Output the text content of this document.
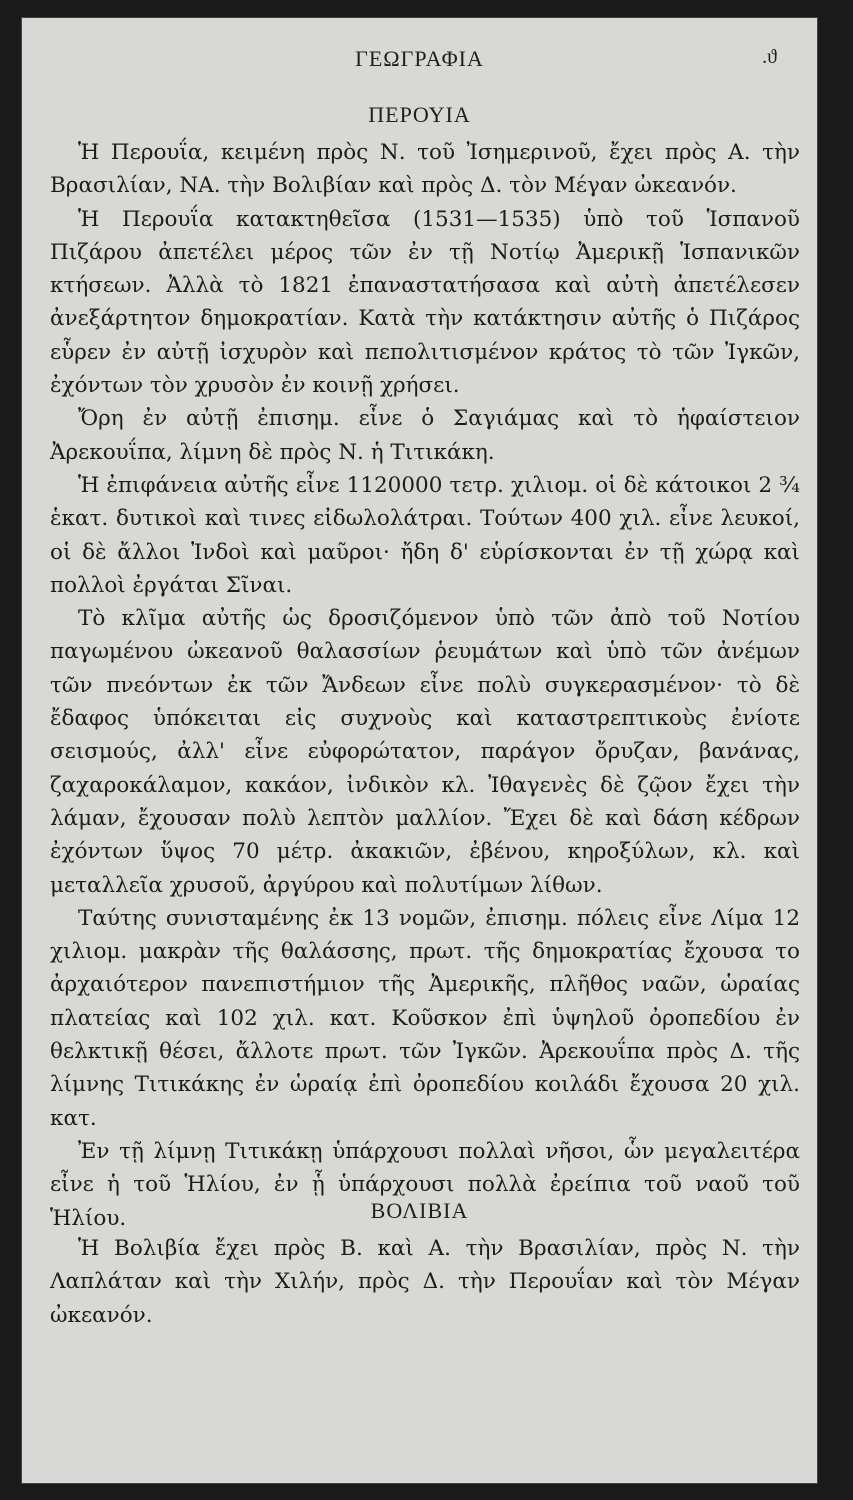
ΓΕΩΓΡΑΦΙΑ	.ϑ
ΠΕΡΟΥΙΑ

Ἡ Περουΐα, κειμένη πρὸς Ν. τοῦ Ἰσημερινοῦ, ἔχει πρὸς Α. τὴν Βρασιλίαν, ΝΑ. τὴν Βολιβίαν καὶ πρὸς Δ. τὸν Μέγαν ὠκεανόν.

Ἡ Περουΐα κατακτηθεῖσα (1531—1535) ὑπὸ τοῦ Ἱσπανοῦ Πιζάρου ἀπετέλει μέρος τῶν ἐν τῇ Νοτίῳ Ἀμερικῇ Ἱσπανικῶν κτήσεων. Ἀλλὰ τὸ 1821 ἐπαναστατήσασα καὶ αὐτὴ ἀπετέλεσεν ἀνεξάρτητον δημοκρατίαν. Κατὰ τὴν κατάκτησιν αὐτῆς ὁ Πιζάρος εὗρεν ἐν αὐτῇ ἰσχυρὸν καὶ πεπολιτισμένον κράτος τὸ τῶν Ἰγκῶν, ἐχόντων τὸν χρυσὸν ἐν κοινῇ χρήσει.

Ὄρη ἐν αὐτῇ ἐπισημ. εἶνε ὁ Σαγιάμας καὶ τὸ ἡφαίστειον Ἀρεκουΐπα, λίμνη δὲ πρὸς Ν. ἡ Τιτικάκη.

Ἡ ἐπιφάνεια αὐτῆς εἶνε 1120000 τετρ. χιλιομ. οἱ δὲ κάτοικοι 2 ¾ ἑκατ. δυτικοὶ καὶ τινες εἰδωλολάτραι. Τούτων 400 χιλ. εἶνε λευκοί, οἱ δὲ ἄλλοι Ἰνδοὶ καὶ μαῦροι· ἤδη δ' εὑρίσκονται ἐν τῇ χώρᾳ καὶ πολλοὶ ἐργάται Σῖναι.

Τὸ κλῖμα αὐτῆς ὡς δροσιζόμενον ὑπὸ τῶν ἀπὸ τοῦ Νοτίου παγωμένου ὠκεανοῦ θαλασσίων ῥευμάτων καὶ ὑπὸ τῶν ἀνέμων τῶν πνεόντων ἐκ τῶν Ἄνδεων εἶνε πολὺ συγκερασμένον· τὸ δὲ ἔδαφος ὑπόκειται εἰς συχνοὺς καὶ καταστρεπτικοὺς ἐνίοτε σεισμούς, ἀλλ' εἶνε εὐφορώτατον, παράγον ὄρυζαν, βανάνας, ζαχαροκάλαμον, κακάον, ἰνδικὸν κλ. Ἰθαγενὲς δὲ ζῷον ἔχει τὴν λάμαν, ἔχουσαν πολὺ λεπτὸν μαλλίον. Ἔχει δὲ καὶ δάση κέδρων ἐχόντων ὕψος 70 μέτρ. ἀκακιῶν, ἐβένου, κηροξύλων, κλ. καὶ μεταλλεῖα χρυσοῦ, ἀργύρου καὶ πολυτίμων λίθων.

Ταύτης συνισταμένης ἐκ 13 νομῶν, ἐπισημ. πόλεις εἶνε Λίμα 12 χιλιομ. μακρὰν τῆς θαλάσσης, πρωτ. τῆς δημοκρατίας ἔχουσα το ἀρχαιότερον πανεπιστήμιον τῆς Ἀμερικῆς, πλῆθος ναῶν, ὡραίας πλατείας καὶ 102 χιλ. κατ. Κοῦσκον ἐπὶ ὑψηλοῦ ὀροπεδίου ἐν θελκτικῇ θέσει, ἄλλοτε πρωτ. τῶν Ἰγκῶν. Ἀρεκουΐπα πρὸς Δ. τῆς λίμνης Τιτικάκης ἐν ὡραίᾳ ἐπὶ ὀροπεδίου κοιλάδι ἔχουσα 20 χιλ. κατ.

Ἐν τῇ λίμνῃ Τιτικάκῃ ὑπάρχουσι πολλαὶ νῆσοι, ὧν μεγαλειτέρα εἶνε ἡ τοῦ Ἡλίου, ἐν ᾗ ὑπάρχουσι πολλὰ ἐρείπια τοῦ ναοῦ τοῦ Ἡλίου.	ΒΟΛΙΒΙΑ

Ἡ Βολιβία ἔχει πρὸς Β. καὶ Α. τὴν Βρασιλίαν, πρὸς Ν. τὴν Λαπλάταν καὶ τὴν Χιλήν, πρὸς Δ. τὴν Περουΐαν καὶ τὸν Μέγαν ὠκεανόν.
